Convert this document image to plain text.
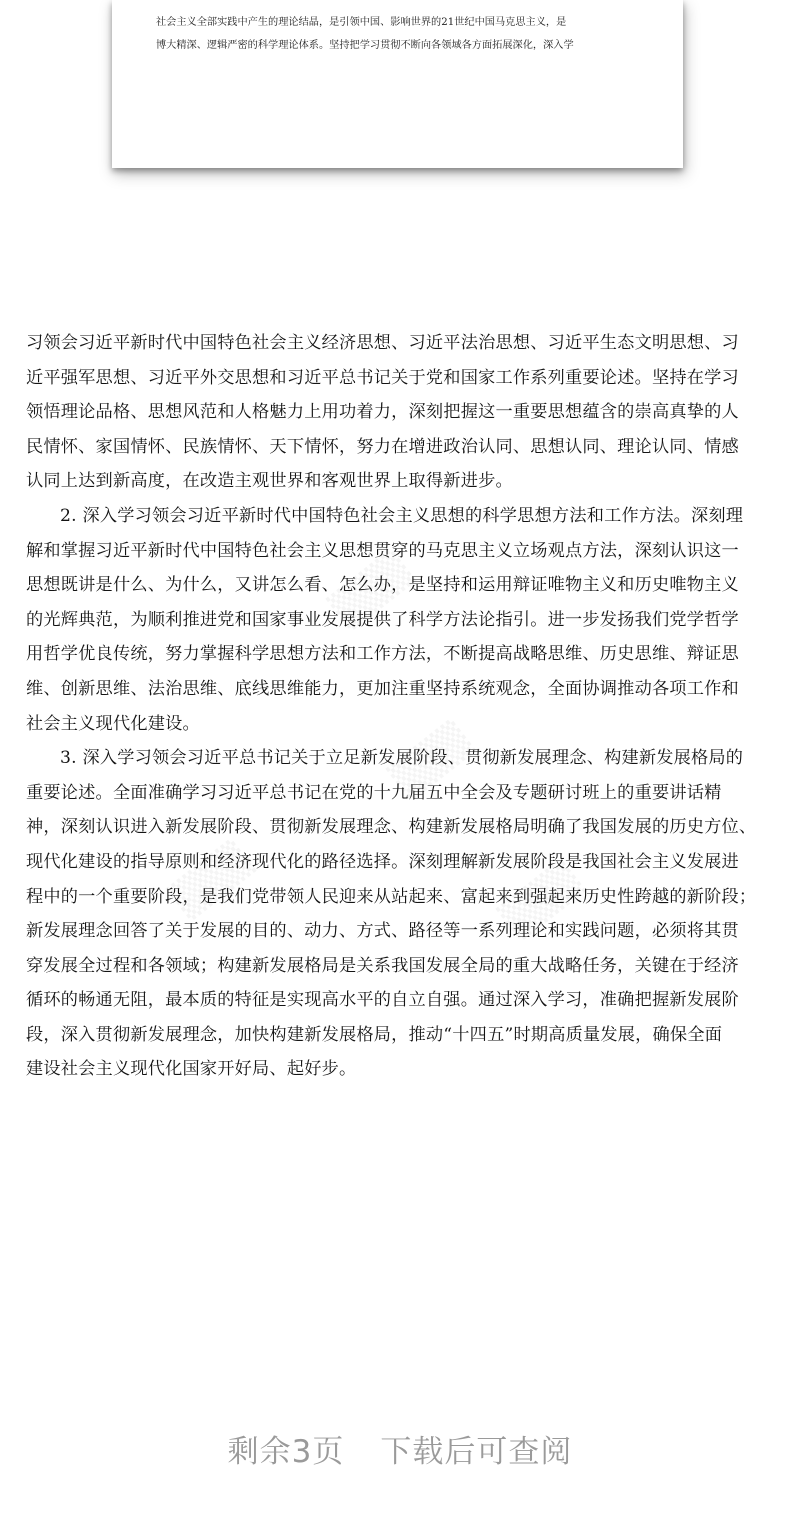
社会主义全部实践中产生的理论结晶，是引领中国、影响世界的21世纪中国马克思主义，是
博大精深、逻辑严密的科学理论体系。坚持把学习贯彻不断向各领域各方面拓展深化，深入学
▒▒▒
▒▒▒
▒▒▒	▒▒▒
习领会习近平新时代中国特色社会主义经济思想、习近平法治思想、习近平生态文明思想、习
近平强军思想、习近平外交思想和习近平总书记关于党和国家工作系列重要论述。坚持在学习
领悟理论品格、思想风范和人格魅力上用功着力，深刻把握这一重要思想蕴含的崇高真挚的人
民情怀、家国情怀、民族情怀、天下情怀，努力在增进政治认同、思想认同、理论认同、情感
认同上达到新高度，在改造主观世界和客观世界上取得新进步。
2. 深入学习领会习近平新时代中国特色社会主义思想的科学思想方法和工作方法。深刻理
解和掌握习近平新时代中国特色社会主义思想贯穿的马克思主义立场观点方法，深刻认识这一
思想既讲是什么、为什么，又讲怎么看、怎么办，是坚持和运用辩证唯物主义和历史唯物主义
的光辉典范，为顺利推进党和国家事业发展提供了科学方法论指引。进一步发扬我们党学哲学
用哲学优良传统，努力掌握科学思想方法和工作方法，不断提高战略思维、历史思维、辩证思
维、创新思维、法治思维、底线思维能力，更加注重坚持系统观念，全面协调推动各项工作和
社会主义现代化建设。
3. 深入学习领会习近平总书记关于立足新发展阶段、贯彻新发展理念、构建新发展格局的
重要论述。全面准确学习习近平总书记在党的十九届五中全会及专题研讨班上的重要讲话精
神，深刻认识进入新发展阶段、贯彻新发展理念、构建新发展格局明确了我国发展的历史方位、
现代化建设的指导原则和经济现代化的路径选择。深刻理解新发展阶段是我国社会主义发展进
程中的一个重要阶段，是我们党带领人民迎来从站起来、富起来到强起来历史性跨越的新阶段；
新发展理念回答了关于发展的目的、动力、方式、路径等一系列理论和实践问题，必须将其贯
穿发展全过程和各领域；构建新发展格局是关系我国发展全局的重大战略任务，关键在于经济
循环的畅通无阻，最本质的特征是实现高水平的自立自强。通过深入学习，准确把握新发展阶
段，深入贯彻新发展理念，加快构建新发展格局，推动“十四五”时期高质量发展，确保全面
建设社会主义现代化国家开好局、起好步。
剩余3页 下载后可查阅
